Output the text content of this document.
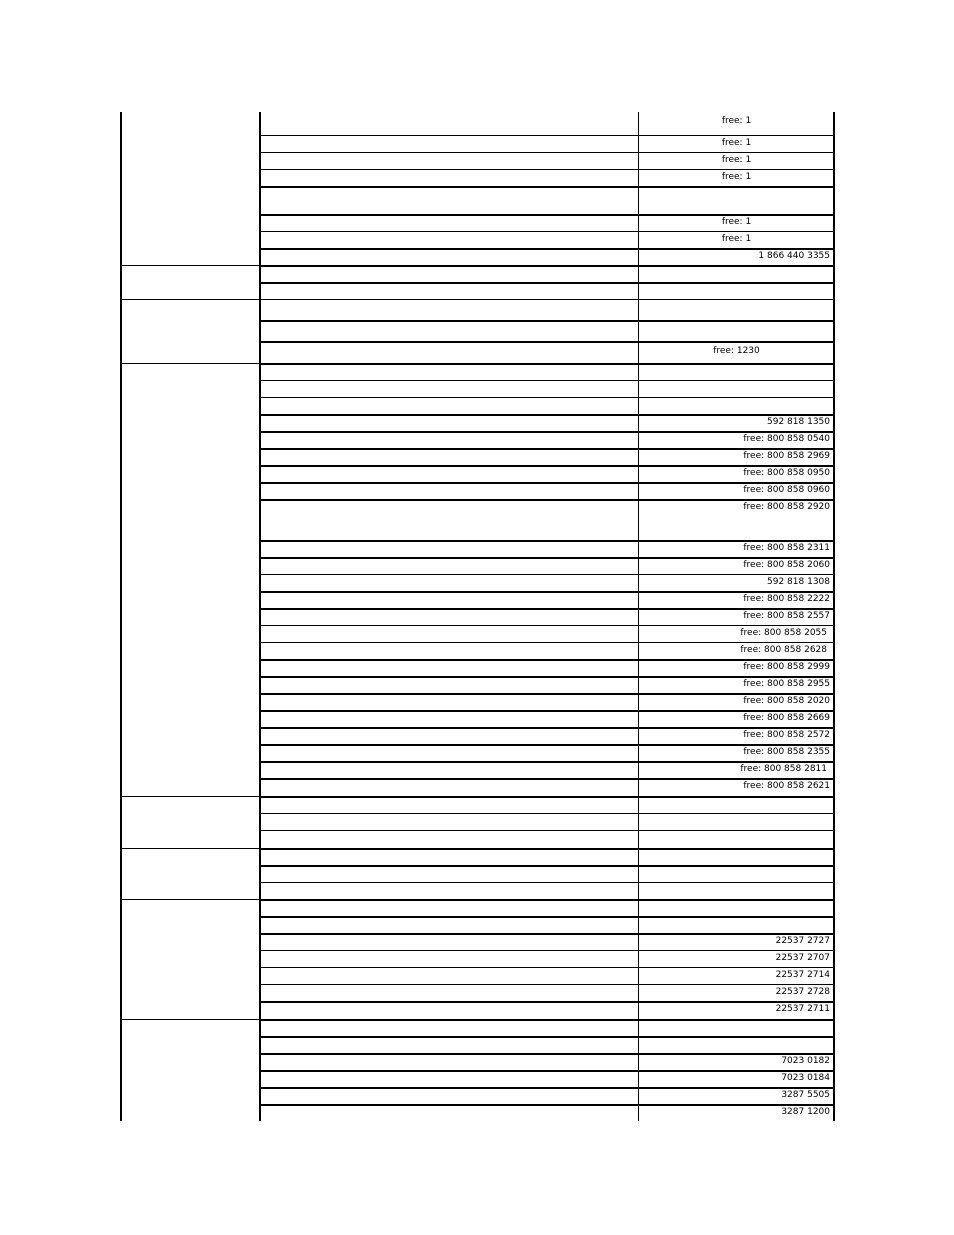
free: 1
free: 1
free: 1
free: 1
free: 1
free: 1
1 866 440 3355
free: 1230
592 818 1350
free: 800 858 0540
free: 800 858 2969
free: 800 858 0950
free: 800 858 0960
free: 800 858 2920
free: 800 858 2311
free: 800 858 2060
592 818 1308
free: 800 858 2222
free: 800 858 2557
free: 800 858 2055
free: 800 858 2628
free: 800 858 2999
free: 800 858 2955
free: 800 858 2020
free: 800 858 2669
free: 800 858 2572
free: 800 858 2355
free: 800 858 2811
free: 800 858 2621
22537 2727
22537 2707
22537 2714
22537 2728
22537 2711
7023 0182
7023 0184
3287 5505
3287 1200
